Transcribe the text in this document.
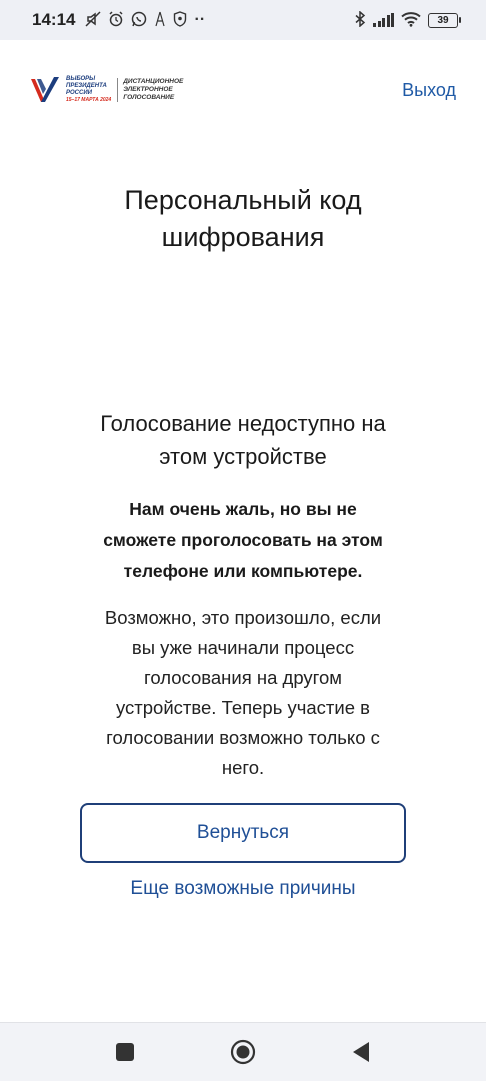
14:14	··	39
ВЫБОРЫ
ПРЕЗИДЕНТА
РОССИИ
15–17 МАРТА 2024
ДИСТАНЦИОННОЕ
ЭЛЕКТРОННОЕ
ГОЛОСОВАНИЕ	Выход
Персональный код
шифрования
Голосование недоступно на
этом устройстве
Нам очень жаль, но вы не
сможете проголосовать на этом
телефоне или компьютере.
Возможно, это произошло, если
вы уже начинали процесс
голосования на другом
устройстве. Теперь участие в
голосовании возможно только с
него.
Вернуться
Еще возможные причины
